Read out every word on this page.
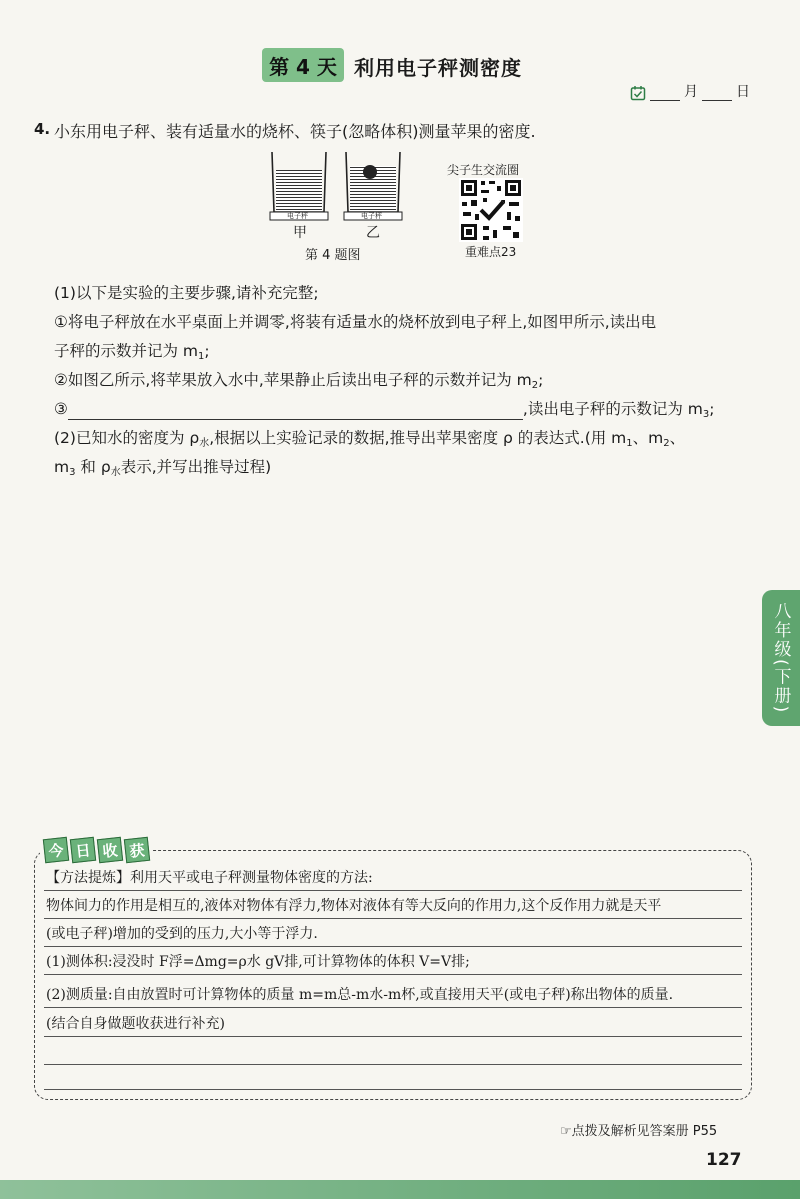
第 4 天 利用电子秤测密度
月	日
4. 小东用电子秤、装有适量水的烧杯、筷子(忽略体积)测量苹果的密度.
电子秤	电子秤
甲	乙
第 4 题图
尖子生交流圈
重难点23
(1)以下是实验的主要步骤,请补充完整;
①将电子秤放在水平桌面上并调零,将装有适量水的烧杯放到电子秤上,如图甲所示,读出电
子秤的示数并记为 $m_1$;
②如图乙所示,将苹果放入水中,苹果静止后读出电子秤的示数并记为 $m_2$;
③	,读出电子秤的示数记为 $m_3$;
(2)已知水的密度为 $\rho_水$,根据以上实验记录的数据,推导出苹果密度 ρ 的表达式.(用 $m_1$、$m_2$、
$m_3$ 和 $\rho_水$表示,并写出推导过程)
八年级(下册)
今 日 收 获
【方法提炼】利用天平或电子秤测量物体密度的方法:
物体间力的作用是相互的,液体对物体有浮力,物体对液体有等大反向的作用力,这个反作用力就是天平
(或电子秤)增加的受到的压力,大小等于浮力.
(1)测体积:浸没时 F浮=Δmg=ρ水 gV排,可计算物体的体积 V=V排;
(2)测质量:自由放置时可计算物体的质量 m=m总-m水-m杯,或直接用天平(或电子秤)称出物体的质量.
(结合自身做题收获进行补充)
☞点拨及解析见答案册 P55
127
